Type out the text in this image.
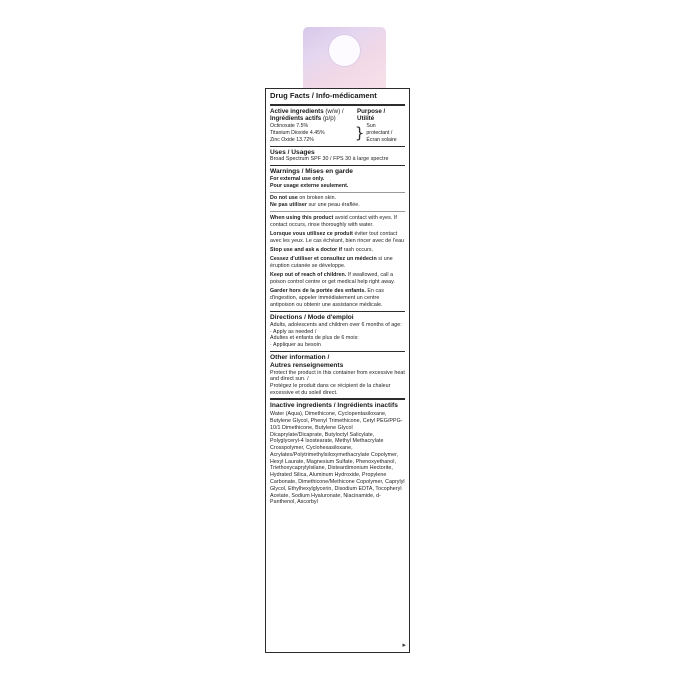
Drug Facts / Info-médicament
Active ingredients (w/w) /
Ingrédients actifs (p/p)
Purpose /
Utilité
Octinoxate 7.5%
Titanium Dioxide 4.45%
Zinc Oxide 13.72%	} Sun
protectant /
Écran solaire
Uses / Usages
Broad Spectrum SPF 30 / FPS 30 à large spectre
Warnings / Mises en garde
For external use only.
Pour usage externe seulement.
Do not use on broken skin.
Ne pas utiliser sur une peau éraflée.
When using this product avoid contact with eyes. If contact occurs, rinse thoroughly with water.
Lorsque vous utilisez ce produit éviter tout contact avec les yeux. Le cas échéant, bien rincer avec de l'eau
Stop use and ask a doctor if rash occurs.
Cessez d'utiliser et consultez un médecin si une éruption cutanée se développe.
Keep out of reach of children. If swallowed, call a poison control centre or get medical help right away.
Garder hors de la portée des enfants. En cas d'ingestion, appeler immédiatement un centre antipoison ou obtenir une assistance médicale.
Directions / Mode d'emploi
Adults, adolescents and children over 6 months of age:
· Apply as needed /
Adultes et enfants de plus de 6 mois:
· Appliquer au besoin
Other information /
Autres renseignements
Protect the product in this container from excessive heat and direct sun. /
Protégez le produit dans ce récipient de la chaleur excessive et du soleil direct.
Inactive ingredients / Ingrédients inactifs
Water (Aqua), Dimethicone, Cyclopentasiloxane, Butylene Glycol, Phenyl Trimethicone, Cetyl PEG/PPG-10/1 Dimethicone, Butylene Glycol Dicaprylate/Dicaprate, Butyloctyl Salicylate, Polyglyceryl-4 Isostearate, Methyl Methacrylate Crosspolymer, Cyclohexasiloxane, Acrylates/Polytrimethylsiloxymethacrylate Copolymer, Hexyl Laurate, Magnesium Sulfate, Phenoxyethanol, Triethoxycaprylylsilane, Disteardimonium Hectorite, Hydrated Silica, Aluminum Hydroxide, Propylene Carbonate, Dimethicone/Methicone Copolymer, Caprylyl Glycol, Ethylhexylglycerin, Disodium EDTA, Tocopheryl Acetate, Sodium Hyaluronate, Niacinamide, d-Panthenol, Ascorbyl
▸
